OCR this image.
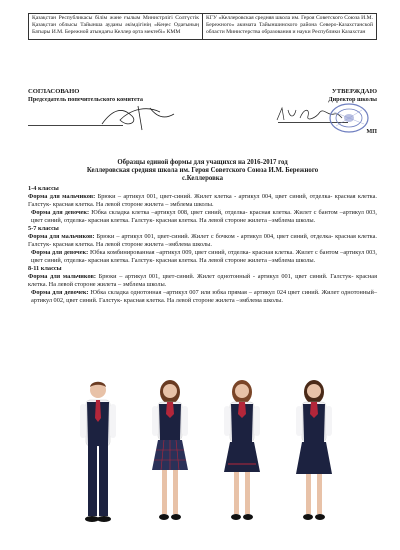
Қазақстан Республикасы білім және ғылым Министрлігі Солтүстік Қазақстан облысы Тайынша ауданы әкімдігінің «Кеңес Одағының Батыры И.М. Бережной атындағы Келлер орта мектебі» КММ	КГУ «Келлеровская средняя школа им. Героя Советского Союза И.М. Бережного» акимата Тайыншинского района Северо-Казахстанской области Министерства образования и науки Республики Казахстан
СОГЛАСОВАНО
Председатель попечительского комитета
УТВЕРЖДАЮ
Директор школы
МП
Образцы единой формы для учащихся на 2016-2017 год
Келлеровская средняя школа им. Героя Советского Союза И.М. Бережного
с.Келлеровка

1-4 классы

Форма для мальчиков: Брюки – артикул 001, цвет-синий. Жилет клетка - артикул 004, цвет синий, отделка- красная клетка. Галстук- красная клетка. На левой стороне жилета – эмблема школы.

Форма для девочек: Юбка складка клетка –артикул 008, цвет синий, отделка- красная клетка. Жилет с бантом –артикул 003, цвет синий, отделка- красная клетка. Галстук- красная клетка. На левой стороне жилета –эмблема школы.

5-7 классы

Форма для мальчиков: Брюки – артикул 001, цвет-синий. Жилет с бочком - артикул 004, цвет синий, отделка- красная клетка. Галстук- красная клетка. На левой стороне жилета –эмблема школы.

Форма для девочек: Юбка комбинированная –артикул 009, цвет синий, отделка- красная клетка. Жилет с бантом –артикул 003, цвет синий, отделка- красная клетка. Галстук- красная клетка. На левой стороне жилета –эмблема школы.

8-11 классы

Форма для мальчиков: Брюки – артикул 001, цвет-синий. Жилет однотонный - артикул 001, цвет синий. Галстук- красная клетка. На левой стороне жилета – эмблема школы.

Форма для девочек: Юбка складка однотонная –артикул 007 или юбка прямая – артикул 024 цвет синий. Жилет однотонный–артикул 002, цвет синий. Галстук- красная клетка. На левой стороне жилета –эмблема школы.
